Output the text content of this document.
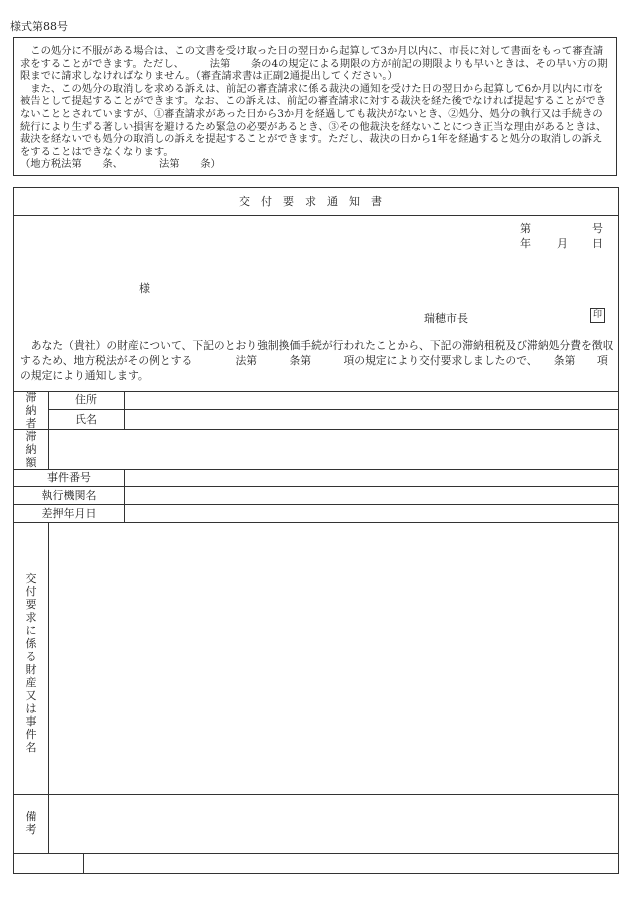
様式第88号

この処分に不服がある場合は、この文書を受け取った日の翌日から起算して3か月以内に、市長に対して書面をもって審査請求をすることができます。ただし、　　　法第　　条の4の規定による期限の方が前記の期限よりも早いときは、その早い方の期限までに請求しなければなりません。（審査請求書は正副2通提出してください。）

また、この処分の取消しを求める訴えは、前記の審査請求に係る裁決の通知を受けた日の翌日から起算して6か月以内に市を被告として提起することができます。なお、この訴えは、前記の審査請求に対する裁決を経た後でなければ提起することができないこととされていますが、①審査請求があった日から3か月を経過しても裁決がないとき、②処分、処分の執行又は手続きの続行により生ずる著しい損害を避けるため緊急の必要があるとき、③その他裁決を経ないことにつき正当な理由があるときは、裁決を経ないでも処分の取消しの訴えを提起することができます。ただし、裁決の日から1年を経過すると処分の取消しの訴えをすることはできなくなります。

（地方税法第　　条、　　　　法第　　条）

交付要求通知書
第	号
年 月 日
様
瑞穂市長	印

あなた（貴社）の財産について、下記のとおり強制換価手続が行われたことから、下記の滞納租税及び滞納処分費を徴収するため、地方税法がその例とする　　　　法第　　　条第　　　項の規定により交付要求しましたので、　　条第　　項の規定により通知します。

滞納者
住所
氏名
滞納額
事件番号
執行機関名
差押年月日
交付要求に係る財産又は事件名
備考
